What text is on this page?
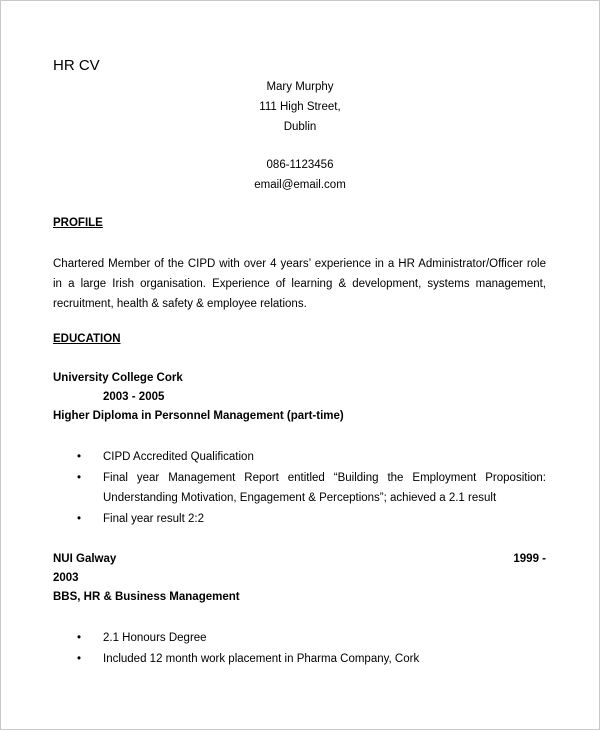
HR CV
Mary Murphy
111 High Street,
Dublin
086-1123456
email@email.com
PROFILE
Chartered Member of the CIPD with over 4 years’ experience in a HR Administrator/Officer role in a large Irish organisation. Experience of learning & development, systems management, recruitment, health & safety & employee relations.
EDUCATION
University College Cork
2003 - 2005
Higher Diploma in Personnel Management (part-time)
• CIPD Accredited Qualification
• Final year Management Report entitled “Building the Employment Proposition: Understanding Motivation, Engagement & Perceptions”; achieved a 2.1 result
• Final year result 2:2
NUI Galway	1999 -
2003
BBS, HR & Business Management
• 2.1 Honours Degree
• Included 12 month work placement in Pharma Company, Cork
